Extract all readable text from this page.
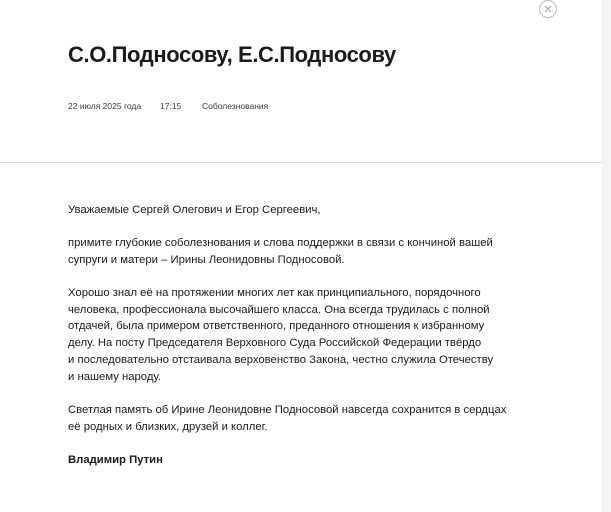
С.О.Подносову, Е.С.Подносову
22 июля 2025 года 17:15 Соболезнования

Уважаемые Сергей Олегович и Егор Сергеевич,

примите глубокие соболезнования и слова поддержки в связи с кончиной вашей
супруги и матери – Ирины Леонидовны Подносовой.

Хорошо знал её на протяжении многих лет как принципиального, порядочного
человека, профессионала высочайшего класса. Она всегда трудилась с полной
отдачей, была примером ответственного, преданного отношения к избранному
делу. На посту Председателя Верховного Суда Российской Федерации твёрдо
и последовательно отстаивала верховенство Закона, честно служила Отечеству
и нашему народу.

Светлая память об Ирине Леонидовне Подносовой навсегда сохранится в сердцах
её родных и близких, друзей и коллег.

Владимир Путин
